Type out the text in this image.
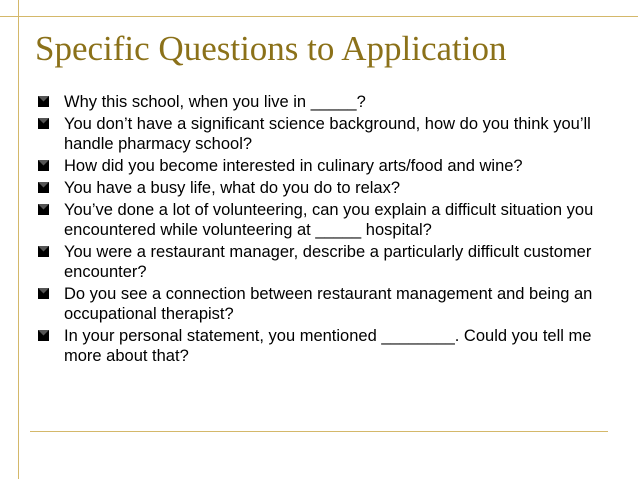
Specific Questions to Application
Why this school, when you live in _____?
You don’t have a significant science background, how do you think you’ll handle pharmacy school?
How did you become interested in culinary arts/food and wine?
You have a busy life, what do you do to relax?
You’ve done a lot of volunteering, can you explain a difficult situation you encountered while volunteering at _____ hospital?
You were a restaurant manager, describe a particularly difficult customer encounter?
Do you see a connection between restaurant management and being an occupational therapist?
In your personal statement, you mentioned ________. Could you tell me more about that?
